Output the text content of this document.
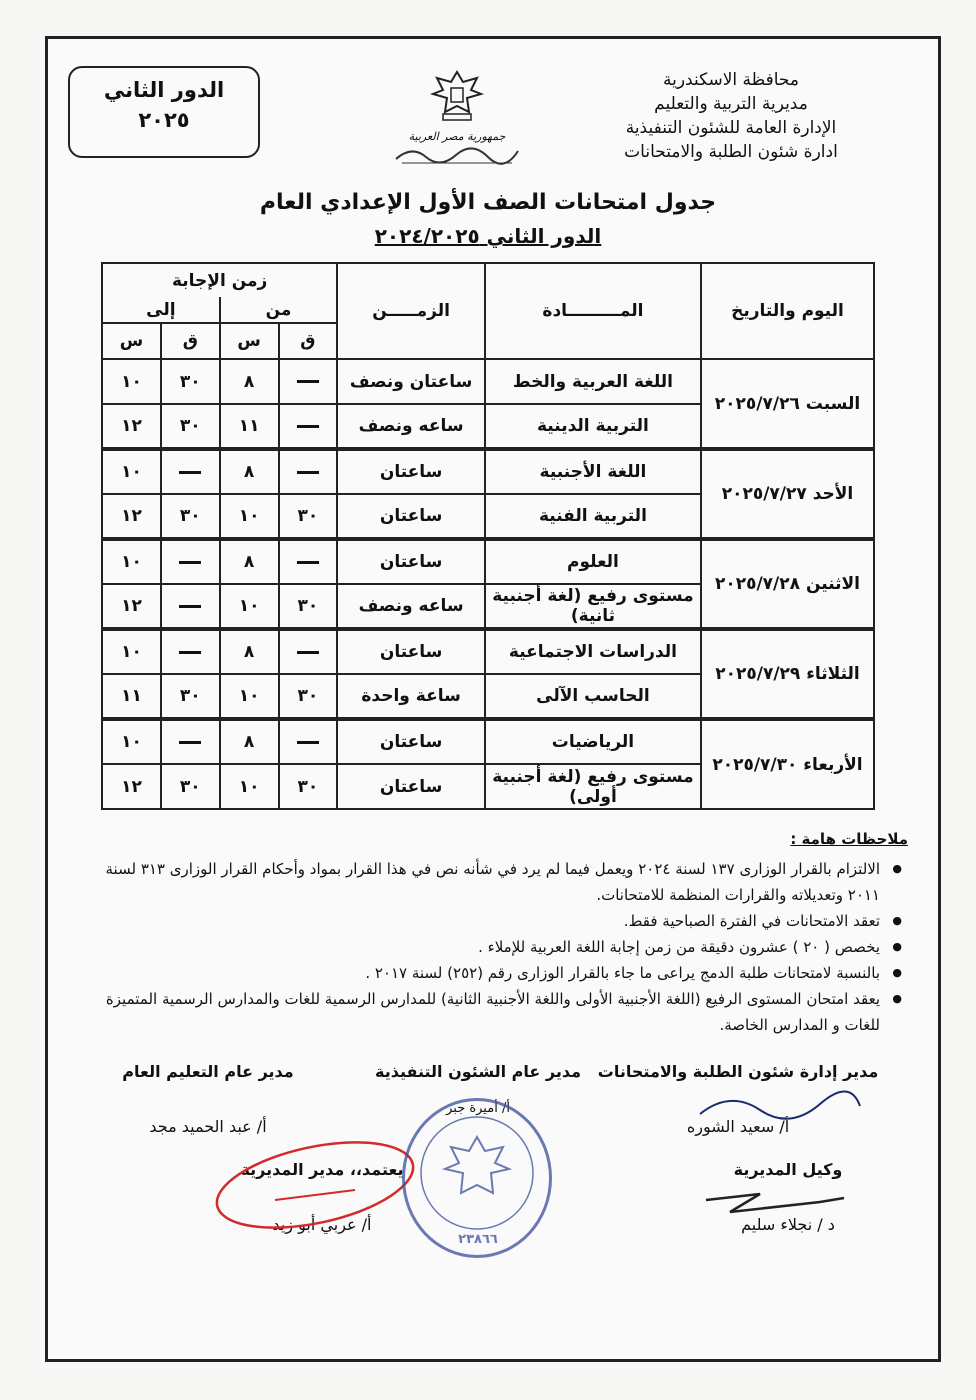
الدور الثاني
٢٠٢٥
جمهورية مصر العربية
محافظة الاسكندرية
مديرية التربية والتعليم
الإدارة العامة للشئون التنفيذية
ادارة شئون الطلبة والامتحانات
جدول امتحانات الصف الأول الإعدادي العام
الدور الثاني ٢٠٢٤/٢٠٢٥
اليوم والتاريخ	المـــــــــادة	الزمـــــن	زمن الإجابة			
			من		إلى	
			ق	س	ق	س
السبت ٢٠٢٥/٧/٢٦	اللغة العربية والخط	ساعتان ونصف		٨	٣٠	١٠
	التربية الدينية	ساعه ونصف		١١	٣٠	١٢
الأحد ٢٠٢٥/٧/٢٧	اللغة الأجنبية	ساعتان		٨		١٠
	التربية الفنية	ساعتان	٣٠	١٠	٣٠	١٢
الاثنين ٢٠٢٥/٧/٢٨	العلوم	ساعتان		٨		١٠
	مستوى رفيع (لغة أجنبية ثانية)	ساعه ونصف	٣٠	١٠		١٢
الثلاثاء ٢٠٢٥/٧/٢٩	الدراسات الاجتماعية	ساعتان		٨		١٠
	الحاسب الآلى	ساعة واحدة	٣٠	١٠	٣٠	١١
الأربعاء ٢٠٢٥/٧/٣٠	الرياضيات	ساعتان		٨		١٠
	مستوى رفيع (لغة أجنبية أولى)	ساعتان	٣٠	١٠	٣٠	١٢
ملاحظات هامة :
● الالتزام بالقرار الوزارى ١٣٧ لسنة ٢٠٢٤ ويعمل فيما لم يرد في شأنه نص في هذا القرار بمواد وأحكام القرار الوزارى ٣١٣ لسنة ٢٠١١ وتعديلاته والقرارات المنظمة للامتحانات.
● تعقد الامتحانات في الفترة الصباحية فقط.
● يخصص ( ٢٠ ) عشرون دقيقة من زمن إجابة اللغة العربية للإملاء .
● بالنسبة لامتحانات طلبة الدمج يراعى ما جاء بالقرار الوزارى رقم (٢٥٢) لسنة ٢٠١٧ .
● يعقد امتحان المستوى الرفيع (اللغة الأجنبية الأولى واللغة الأجنبية الثانية) للمدارس الرسمية للغات والمدارس الرسمية المتميزة للغات و المدارس الخاصة.
مدير إدارة شئون الطلبة والامتحانات
أ/ سعيد الشوره
مدير عام الشئون التنفيذية
أ/ أميرة جبر
مدير عام التعليم العام
أ/ عبد الحميد مجد
وكيل المديرية
د / نجلاء سليم
يعتمد،، مدير المديرية
أ/ عربي أبو زيد
٢٣٨٦٦
